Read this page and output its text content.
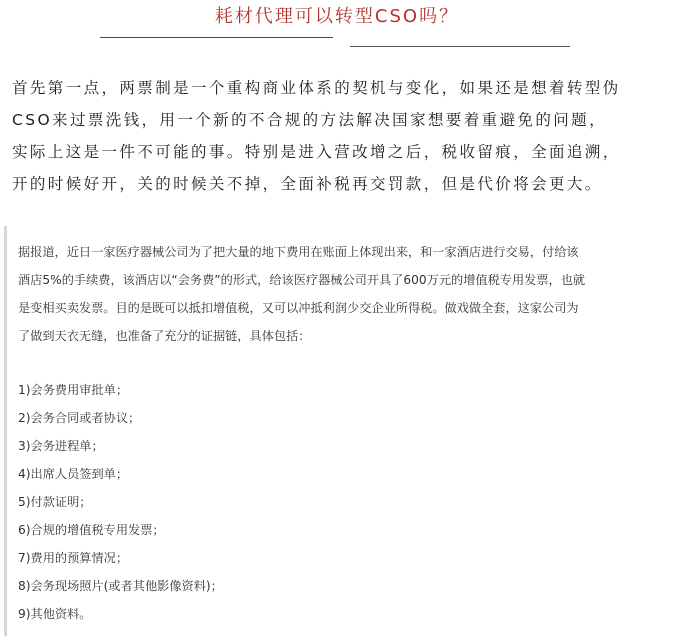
耗材代理可以转型CSO吗？

首先第一点，两票制是一个重构商业体系的契机与变化，如果还是想着转型伪

CSO来过票洗钱，用一个新的不合规的方法解决国家想要着重避免的问题，

实际上这是一件不可能的事。特别是进入营改增之后，税收留痕，全面追溯，

开的时候好开，关的时候关不掉，全面补税再交罚款，但是代价将会更大。

据报道，近日一家医疗器械公司为了把大量的地下费用在账面上体现出来，和一家酒店进行交易，付给该

酒店5%的手续费，该酒店以“会务费”的形式，给该医疗器械公司开具了600万元的增值税专用发票，也就

是变相买卖发票。目的是既可以抵扣增值税，又可以冲抵利润少交企业所得税。做戏做全套，这家公司为

了做到天衣无缝，也准备了充分的证据链，具体包括：

1)会务费用审批单；
2)会务合同或者协议；
3)会务进程单；
4)出席人员签到单；
5)付款证明；
6)合规的增值税专用发票；
7)费用的预算情况；
8)会务现场照片(或者其他影像资料)；
9)其他资料。
